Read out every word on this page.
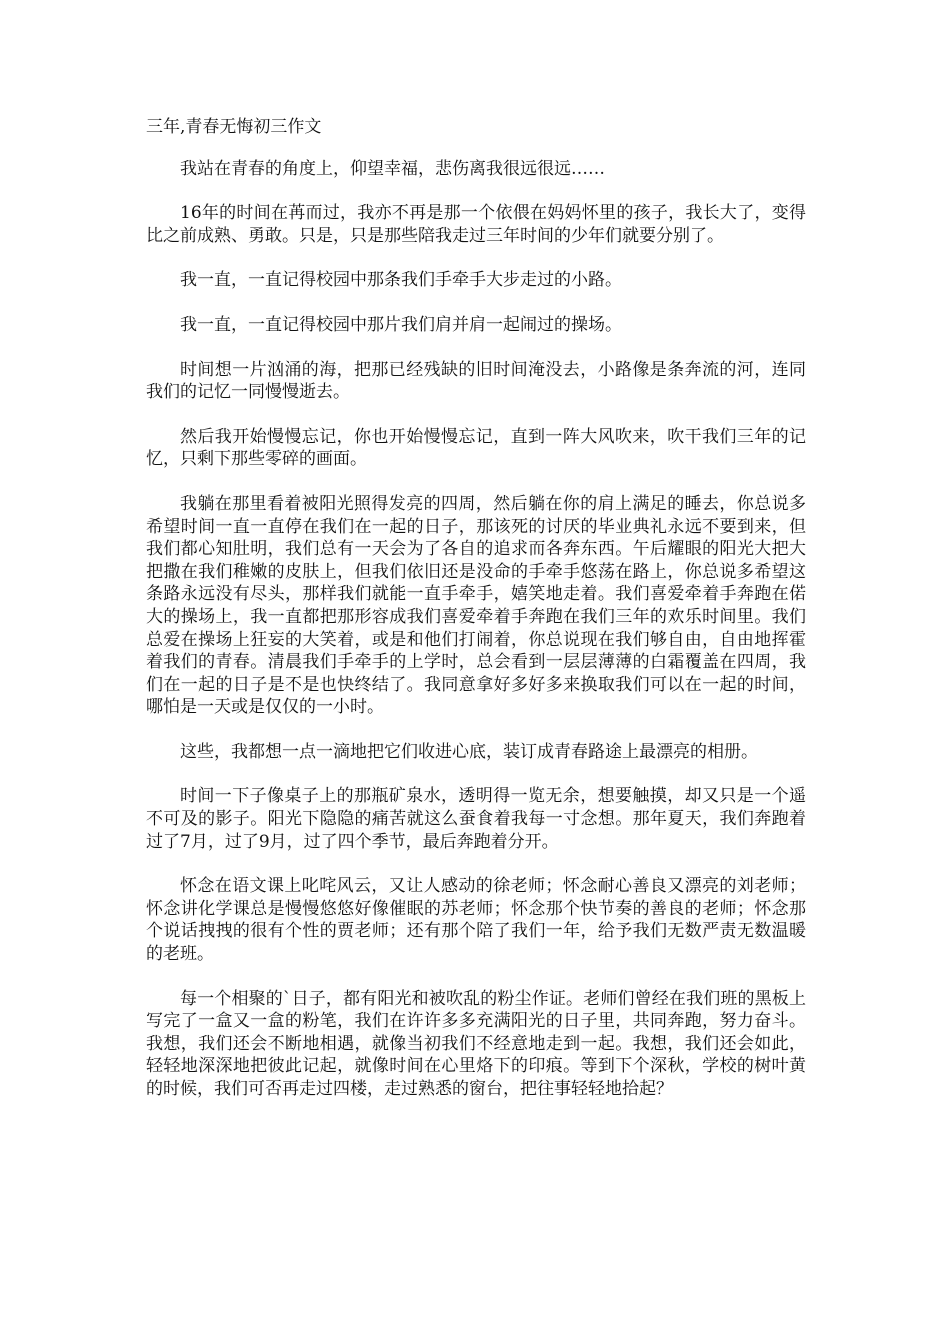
三年,青春无悔初三作文

我站在青春的角度上，仰望幸福，悲伤离我很远很远……

16年的时间在苒而过，我亦不再是那一个依偎在妈妈怀里的孩子，我长大了，变得比之前成熟、勇敢。只是，只是那些陪我走过三年时间的少年们就要分别了。

我一直，一直记得校园中那条我们手牵手大步走过的小路。

我一直，一直记得校园中那片我们肩并肩一起闹过的操场。

时间想一片汹涌的海，把那已经残缺的旧时间淹没去，小路像是条奔流的河，连同我们的记忆一同慢慢逝去。

然后我开始慢慢忘记，你也开始慢慢忘记，直到一阵大风吹来，吹干我们三年的记忆，只剩下那些零碎的画面。

我躺在那里看着被阳光照得发亮的四周，然后躺在你的肩上满足的睡去，你总说多希望时间一直一直停在我们在一起的日子，那该死的讨厌的毕业典礼永远不要到来，但我们都心知肚明，我们总有一天会为了各自的追求而各奔东西。午后耀眼的阳光大把大把撒在我们稚嫩的皮肤上，但我们依旧还是没命的手牵手悠荡在路上，你总说多希望这条路永远没有尽头，那样我们就能一直手牵手，嬉笑地走着。我们喜爱牵着手奔跑在偌大的操场上，我一直都把那形容成我们喜爱牵着手奔跑在我们三年的欢乐时间里。我们总爱在操场上狂妄的大笑着，或是和他们打闹着，你总说现在我们够自由，自由地挥霍着我们的青春。清晨我们手牵手的上学时，总会看到一层层薄薄的白霜覆盖在四周，我们在一起的日子是不是也快终结了。我同意拿好多好多来换取我们可以在一起的时间，哪怕是一天或是仅仅的一小时。

这些，我都想一点一滴地把它们收进心底，装订成青春路途上最漂亮的相册。

时间一下子像桌子上的那瓶矿泉水，透明得一览无余，想要触摸，却又只是一个遥不可及的影子。阳光下隐隐的痛苦就这么蚕食着我每一寸念想。那年夏天，我们奔跑着过了7月，过了9月，过了四个季节，最后奔跑着分开。

怀念在语文课上叱咤风云，又让人感动的徐老师；怀念耐心善良又漂亮的刘老师；怀念讲化学课总是慢慢悠悠好像催眠的苏老师；怀念那个快节奏的善良的老师；怀念那个说话拽拽的很有个性的贾老师；还有那个陪了我们一年，给予我们无数严责无数温暖的老班。

每一个相聚的`日子，都有阳光和被吹乱的粉尘作证。老师们曾经在我们班的黑板上写完了一盒又一盒的粉笔，我们在许许多多充满阳光的日子里，共同奔跑，努力奋斗。我想，我们还会不断地相遇，就像当初我们不经意地走到一起。我想，我们还会如此，轻轻地深深地把彼此记起，就像时间在心里烙下的印痕。等到下个深秋，学校的树叶黄的时候，我们可否再走过四楼，走过熟悉的窗台，把往事轻轻地拾起？
